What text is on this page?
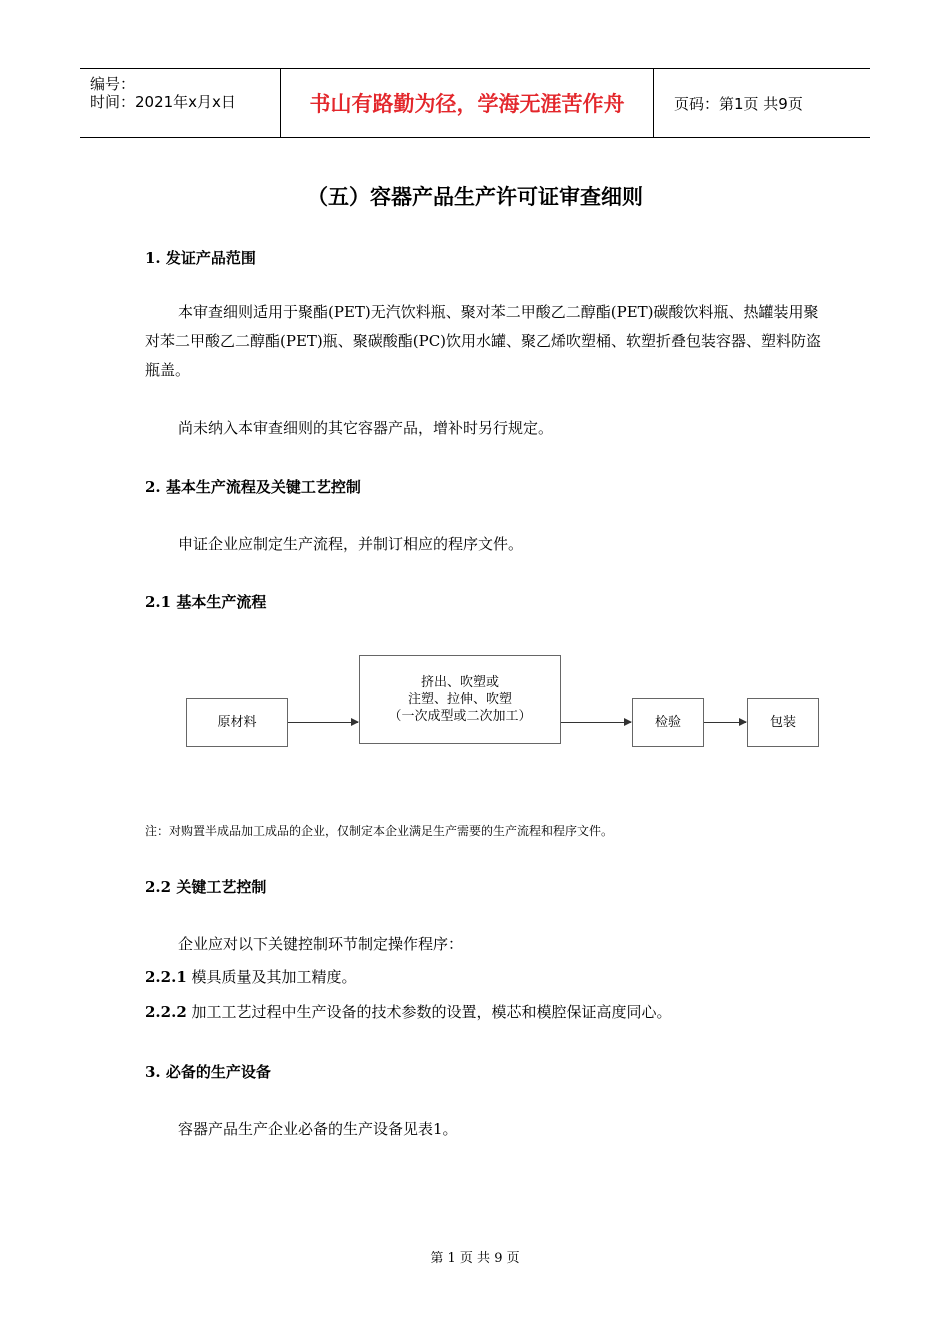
编号：
时间：2021年x月x日	书山有路勤为径，学海无涯苦作舟	页码：第1页 共9页
（五）容器产品生产许可证审查细则
1. 发证产品范围
本审查细则适用于聚酯(PET)无汽饮料瓶、聚对苯二甲酸乙二醇酯(PET)碳酸饮料瓶、热罐装用聚对苯二甲酸乙二醇酯(PET)瓶、聚碳酸酯(PC)饮用水罐、聚乙烯吹塑桶、软塑折叠包装容器、塑料防盗瓶盖。
尚未纳入本审查细则的其它容器产品，增补时另行规定。
2. 基本生产流程及关键工艺控制
申证企业应制定生产流程，并制订相应的程序文件。
2.1 基本生产流程
原材料
挤出、吹塑或
注塑、拉伸、吹塑
（一次成型或二次加工）	检验	包装
注：对购置半成品加工成品的企业，仅制定本企业满足生产需要的生产流程和程序文件。
2.2 关键工艺控制
企业应对以下关键控制环节制定操作程序：
2.2.1 模具质量及其加工精度。
2.2.2 加工工艺过程中生产设备的技术参数的设置，模芯和模腔保证高度同心。
3. 必备的生产设备
容器产品生产企业必备的生产设备见表1。
第 1 页 共 9 页
